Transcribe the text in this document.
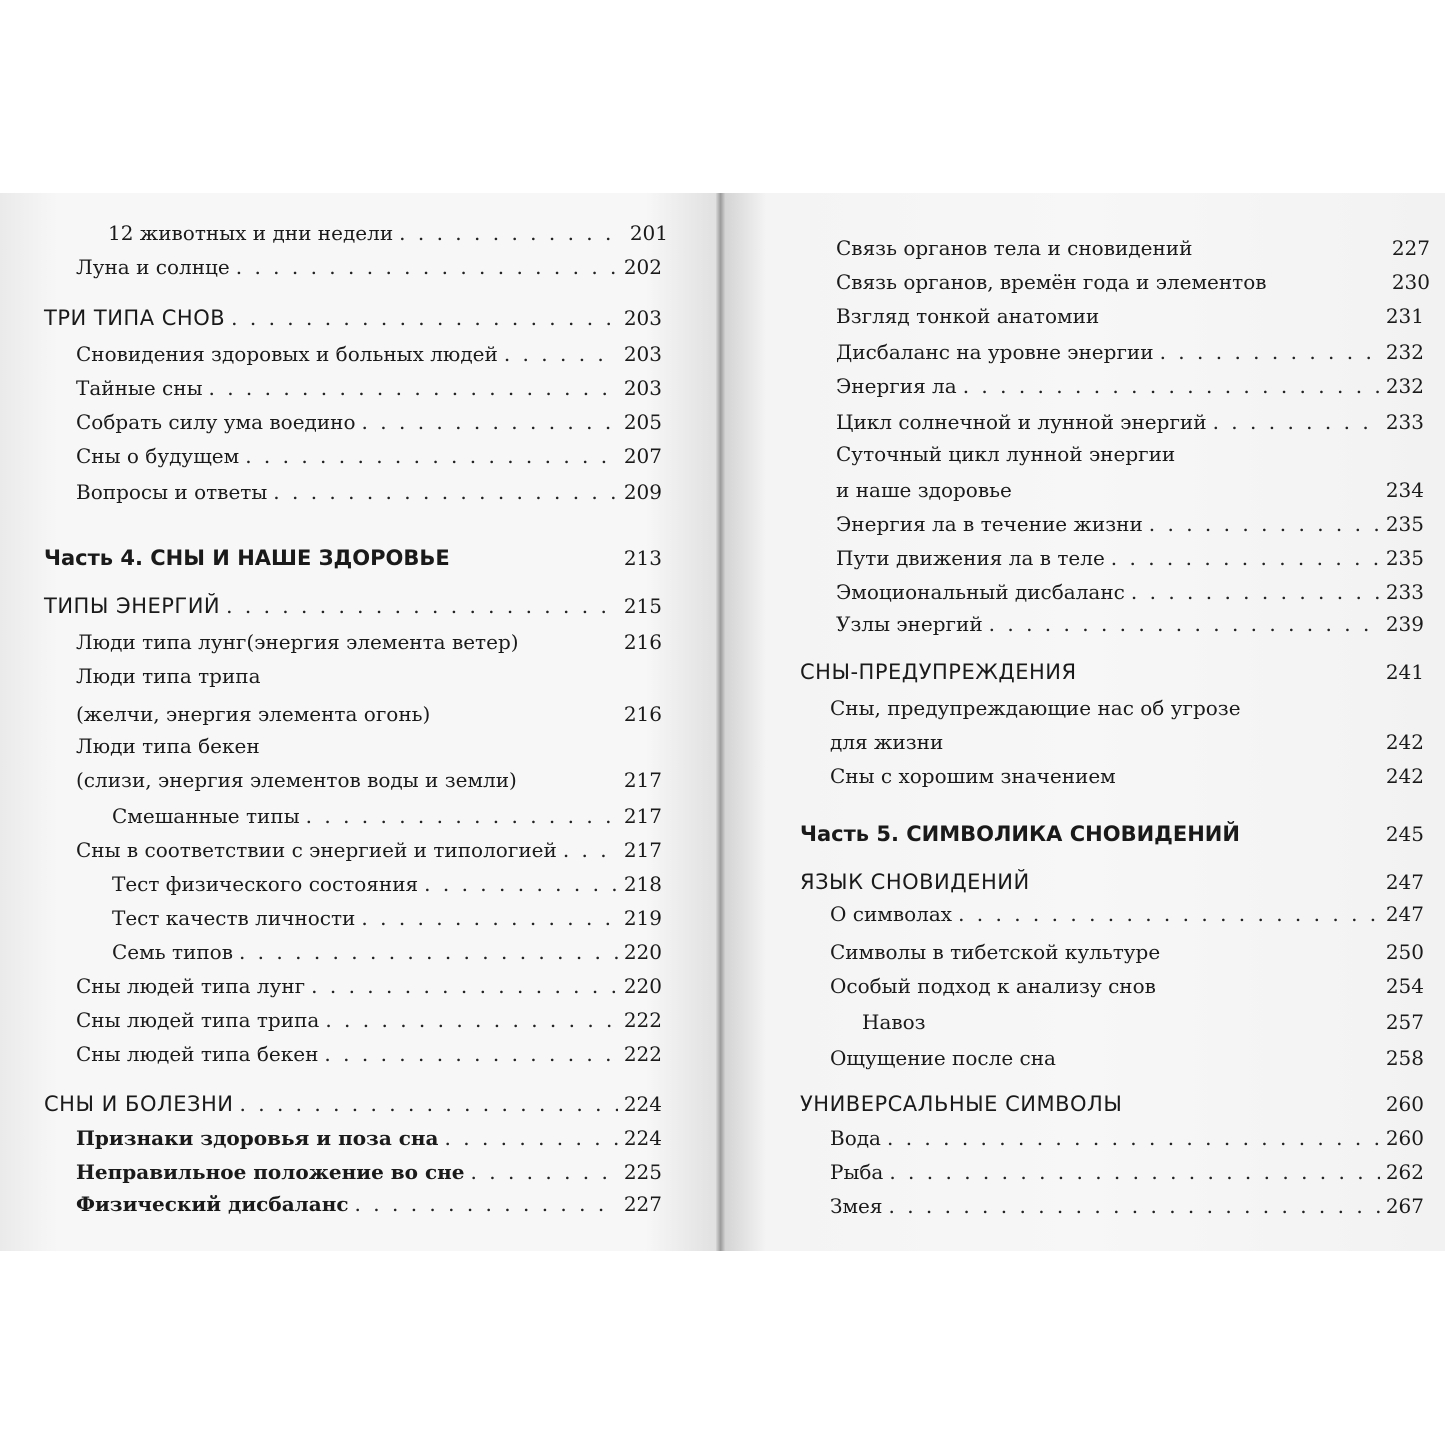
12 животных и дни недели . . .	201
Луна и солнце . . .	202
ТРИ ТИПА СНОВ . . .	203
Сновидения здоровых и больных людей . . .	203
Тайные сны . . .	203
Собрать силу ума воедино . . .	205
Сны о будущем . . .	207
Вопросы и ответы . . .	209
Часть 4. СНЫ И НАШЕ ЗДОРОВЬЕ	213
ТИПЫ ЭНЕРГИЙ . . .	215
Люди типа лунг(энергия элемента ветер)	216
Люди типа трипа
(желчи, энергия элемента огонь)	216
Люди типа бекен
(слизи, энергия элементов воды и земли)	217
Смешанные типы . . .	217
Сны в соответствии с энергией и типологией . . .	217
Тест физического состояния . . .	218
Тест качеств личности . . .	219
Семь типов . . .	220
Сны людей типа лунг . . .	220
Сны людей типа трипа . . .	222
Сны людей типа бекен . . .	222
СНЫ И БОЛЕЗНИ . . .	224
Признаки здоровья и поза сна . . .	224
Неправильное положение во сне . . .	225
Физический дисбаланс . . .	227
Связь органов тела и сновидений	227
Связь органов, времён года и элементов	230
Взгляд тонкой анатомии	231
Дисбаланс на уровне энергии . . .	232
Энергия ла . . .	232
Цикл солнечной и лунной энергий . . .	233
Суточный цикл лунной энергии
и наше здоровье	234
Энергия ла в течение жизни . . .	235
Пути движения ла в теле . . .	235
Эмоциональный дисбаланс . . .	233
Узлы энергий . . .	239
СНЫ-ПРЕДУПРЕЖДЕНИЯ	241
Сны, предупреждающие нас об угрозе
для жизни	242
Сны с хорошим значением	242
Часть 5. СИМВОЛИКА СНОВИДЕНИЙ	245
ЯЗЫК СНОВИДЕНИЙ	247
О символах . . .	247
Символы в тибетской культуре	250
Особый подход к анализу снов	254
Навоз	257
Ощущение после сна	258
УНИВЕРСАЛЬНЫЕ СИМВОЛЫ	260
Вода . . .	260
Рыба . . .	262
Змея . . .	267
